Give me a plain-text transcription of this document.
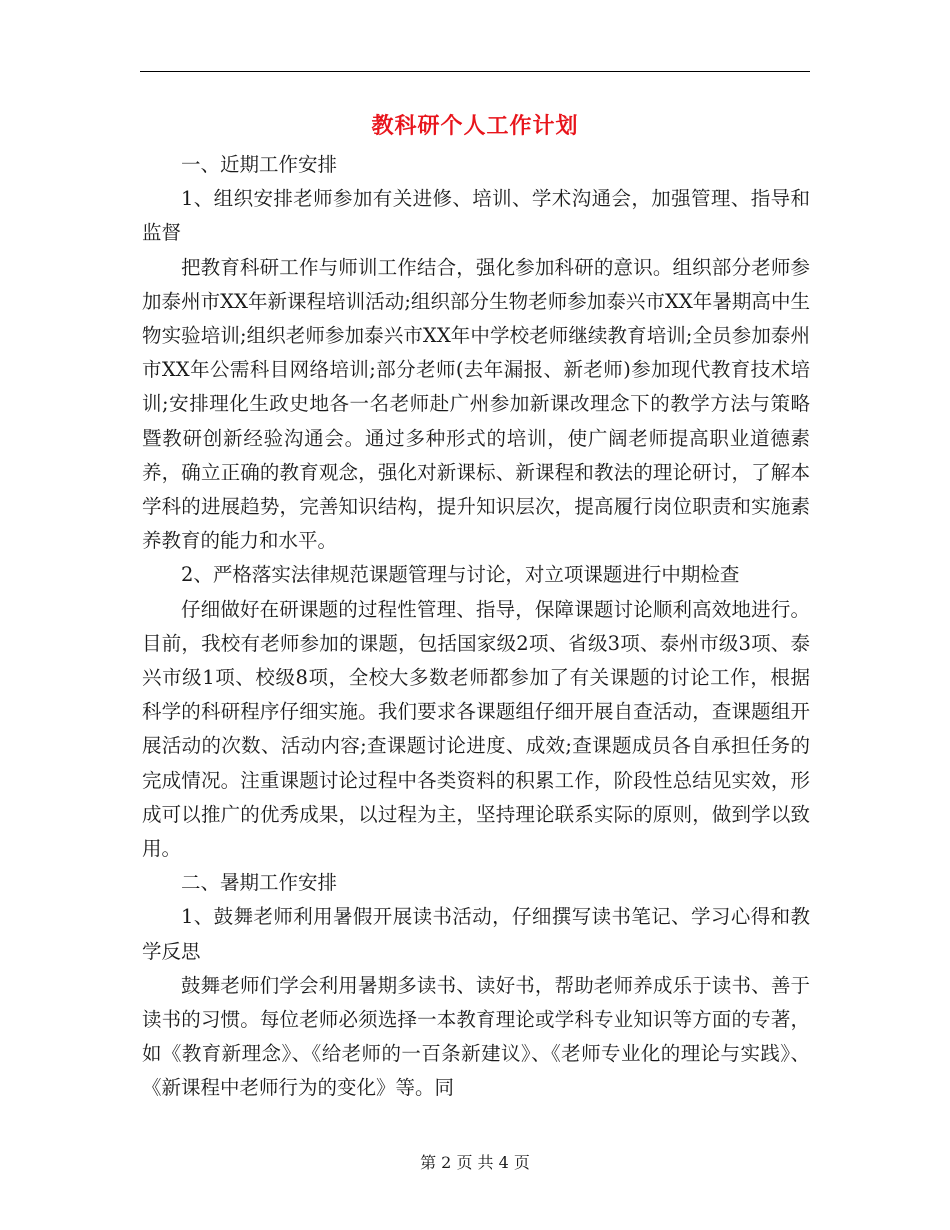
教科研个人工作计划

一、近期工作安排

1、组织安排老师参加有关进修、培训、学术沟通会，加强管理、指导和监督

把教育科研工作与师训工作结合，强化参加科研的意识。组织部分老师参加泰州市XX年新课程培训活动;组织部分生物老师参加泰兴市XX年暑期高中生物实验培训;组织老师参加泰兴市XX年中学校老师继续教育培训;全员参加泰州市XX年公需科目网络培训;部分老师(去年漏报、新老师)参加现代教育技术培训;安排理化生政史地各一名老师赴广州参加新课改理念下的教学方法与策略暨教研创新经验沟通会。通过多种形式的培训，使广阔老师提高职业道德素养，确立正确的教育观念，强化对新课标、新课程和教法的理论研讨，了解本学科的进展趋势，完善知识结构，提升知识层次，提高履行岗位职责和实施素养教育的能力和水平。

2、严格落实法律规范课题管理与讨论，对立项课题进行中期检查

仔细做好在研课题的过程性管理、指导，保障课题讨论顺利高效地进行。目前，我校有老师参加的课题，包括国家级2项、省级3项、泰州市级3项、泰兴市级1项、校级8项，全校大多数老师都参加了有关课题的讨论工作，根据科学的科研程序仔细实施。我们要求各课题组仔细开展自查活动，查课题组开展活动的次数、活动内容;查课题讨论进度、成效;查课题成员各自承担任务的完成情况。注重课题讨论过程中各类资料的积累工作，阶段性总结见实效，形成可以推广的优秀成果，以过程为主，坚持理论联系实际的原则，做到学以致用。

二、暑期工作安排

1、鼓舞老师利用暑假开展读书活动，仔细撰写读书笔记、学习心得和教学反思

鼓舞老师们学会利用暑期多读书、读好书，帮助老师养成乐于读书、善于读书的习惯。每位老师必须选择一本教育理论或学科专业知识等方面的专著，如《教育新理念》、《给老师的一百条新建议》、《老师专业化的理论与实践》、《新课程中老师行为的变化》等。同

第 2 页 共 4 页
